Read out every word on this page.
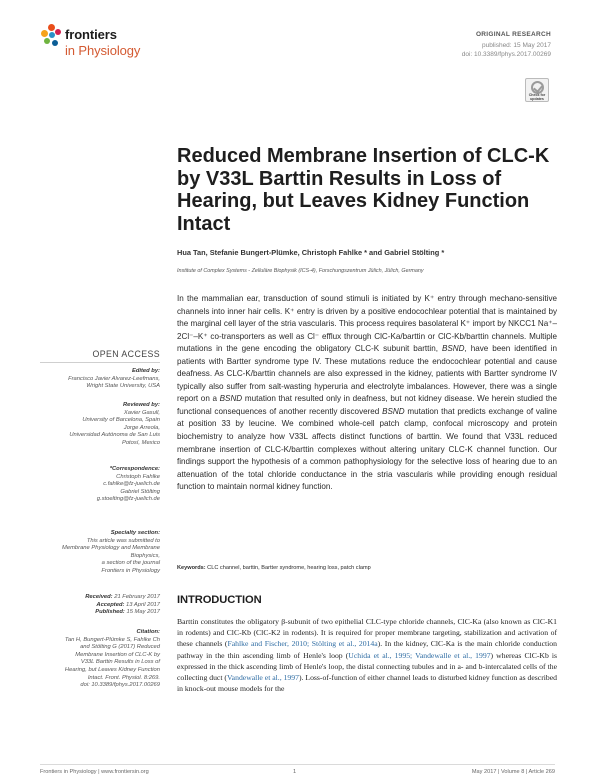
frontiers
in Physiology
ORIGINAL RESEARCH
published: 15 May 2017
doi: 10.3389/fphys.2017.00269
Check for updates
Reduced Membrane Insertion of CLC-K by V33L Barttin Results in Loss of Hearing, but Leaves Kidney Function Intact
Hua Tan, Stefanie Bungert-Plümke, Christoph Fahlke * and Gabriel Stölting *
Institute of Complex Systems - Zelluläre Biophysik (ICS-4), Forschungszentrum Jülich, Jülich, Germany

In the mammalian ear, transduction of sound stimuli is initiated by K⁺ entry through mechano-sensitive channels into inner hair cells. K⁺ entry is driven by a positive endocochlear potential that is maintained by the marginal cell layer of the stria vascularis. This process requires basolateral K⁺ import by NKCC1 Na⁺–2Cl⁻–K⁺ co-transporters as well as Cl⁻ efflux through ClC-Ka/barttin or ClC-Kb/barttin channels. Multiple mutations in the gene encoding the obligatory CLC-K subunit barttin, BSND, have been identified in patients with Bartter syndrome type IV. These mutations reduce the endocochlear potential and cause deafness. As CLC-K/barttin channels are also expressed in the kidney, patients with Bartter syndrome IV typically also suffer from salt-wasting hyperuria and electrolyte imbalances. However, there was a single report on a BSND mutation that resulted only in deafness, but not kidney disease. We herein studied the functional consequences of another recently discovered BSND mutation that predicts exchange of valine at position 33 by leucine. We combined whole-cell patch clamp, confocal microscopy and protein biochemistry to analyze how V33L affects distinct functions of barttin. We found that V33L reduced membrane insertion of CLC-K/barttin complexes without altering unitary CLC-K channel function. Our findings support the hypothesis of a common pathophysiology for the selective loss of hearing due to an attenuation of the total chloride conductance in the stria vascularis while providing enough residual function to maintain normal kidney function.

Keywords: CLC channel, barttin, Bartter syndrome, hearing loss, patch clamp
OPEN ACCESS
Edited by:
Francisco Javier Alvarez-Leefmans,
Wright State University, USA
Reviewed by:
Xavier Gasull,
University of Barcelona, Spain
Jorge Arreola,
Universidad Autónoma de San Luis
Potosí, Mexico
*Correspondence:
Christoph Fahlke
c.fahlke@fz-juelich.de
Gabriel Stölting
g.stoelting@fz-juelich.de
Specialty section:
This article was submitted to
Membrane Physiology and Membrane
Biophysics,
a section of the journal
Frontiers in Physiology
Received: 21 February 2017
Accepted: 13 April 2017
Published: 15 May 2017
Citation:
Tan H, Bungert-Plümke S, Fahlke Ch
and Stölting G (2017) Reduced
Membrane Insertion of CLC-K by
V33L Barttin Results in Loss of
Hearing, but Leaves Kidney Function
Intact. Front. Physiol. 8:269.
doi: 10.3389/fphys.2017.00269
INTRODUCTION

Barttin constitutes the obligatory β-subunit of two epithelial CLC-type chloride channels, ClC-Ka (also known as ClC-K1 in rodents) and ClC-Kb (ClC-K2 in rodents). It is required for proper membrane targeting, stabilization and activation of these channels (Fahlke and Fischer, 2010; Stölting et al., 2014a). In the kidney, ClC-Ka is the main chloride conduction pathway in the thin ascending limb of Henle's loop (Uchida et al., 1995; Vandewalle et al., 1997) whereas ClC-Kb is expressed in the thick ascending limb of Henle's loop, the distal connecting tubules and in a- and b-intercalated cells of the collecting duct (Vandewalle et al., 1997). Loss-of-function of either channel leads to disturbed kidney function as described in knock-out mouse models for the

Frontiers in Physiology | www.frontiersin.org	1	May 2017 | Volume 8 | Article 269
